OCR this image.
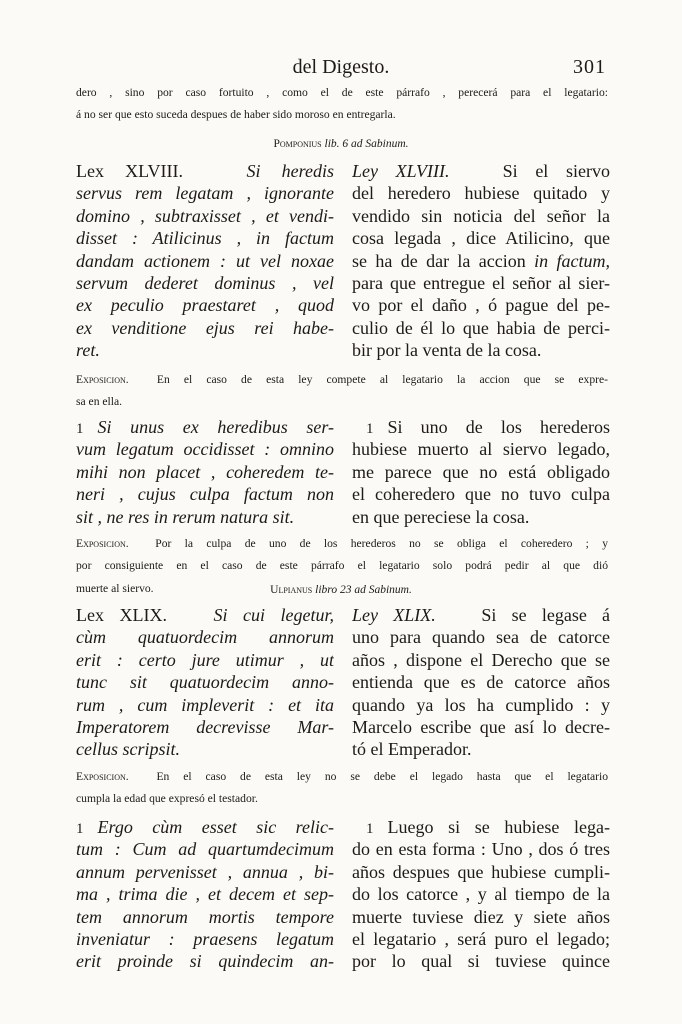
del Digesto.	301
dero , sino por caso fortuito , como el de este párrafo , perecerá para el legatario:
á no ser que esto suceda despues de haber sido moroso en entregarla.
Pomponius lib. 6 ad Sabinum.
Lex XLVIII.	Si heredis
servus rem legatam , ignorante
domino , subtraxisset , et vendi-
disset : Atilicinus , in factum
dandam actionem : ut vel noxae
servum dederet dominus , vel
ex peculio praestaret , quod
ex venditione ejus rei habe-
ret.
Ley XLVIII.	Si el siervo
del heredero hubiese quitado y
vendido sin noticia del señor la
cosa legada , dice Atilicino, que
se ha de dar la accion in factum,
para que entregue el señor al sier-
vo por el daño , ó pague del pe-
culio de él lo que habia de perci-
bir por la venta de la cosa.
Exposicion. En el caso de esta ley compete al legatario la accion que se expre-
sa en ella.
1 Si unus ex heredibus ser-
vum legatum occidisset : omnino
mihi non placet , coheredem te-
neri , cujus culpa factum non
sit , ne res in rerum natura sit.
1 Si uno de los herederos
hubiese muerto al siervo legado,
me parece que no está obligado
el coheredero que no tuvo culpa
en que pereciese la cosa.
Exposicion. Por la culpa de uno de los herederos no se obliga el coheredero ; y
por consiguiente en el caso de este párrafo el legatario solo podrá pedir al que dió
muerte al siervo.	Ulpianus libro 23 ad Sabinum.
Lex XLIX.	Si cui legetur,
cùm quatuordecim annorum
erit : certo jure utimur , ut
tunc sit quatuordecim anno-
rum , cum impleverit : et ita
Imperatorem decrevisse Mar-
cellus scripsit.
Ley XLIX.	Si se legase á
uno para quando sea de catorce
años , dispone el Derecho que se
entienda que es de catorce años
quando ya los ha cumplido : y
Marcelo escribe que así lo decre-
tó el Emperador.
Exposicion. En el caso de esta ley no se debe el legado hasta que el legatario
cumpla la edad que expresó el testador.
1 Ergo cùm esset sic relic-
tum : Cum ad quartumdecimum
annum pervenisset , annua , bi-
ma , trima die , et decem et sep-
tem annorum mortis tempore
inveniatur : praesens legatum
erit proinde si quindecim an-
1 Luego si se hubiese lega-
do en esta forma : Uno , dos ó tres
años despues que hubiese cumpli-
do los catorce , y al tiempo de la
muerte tuviese diez y siete años
el legatario , será puro el legado;
por lo qual si tuviese quince
